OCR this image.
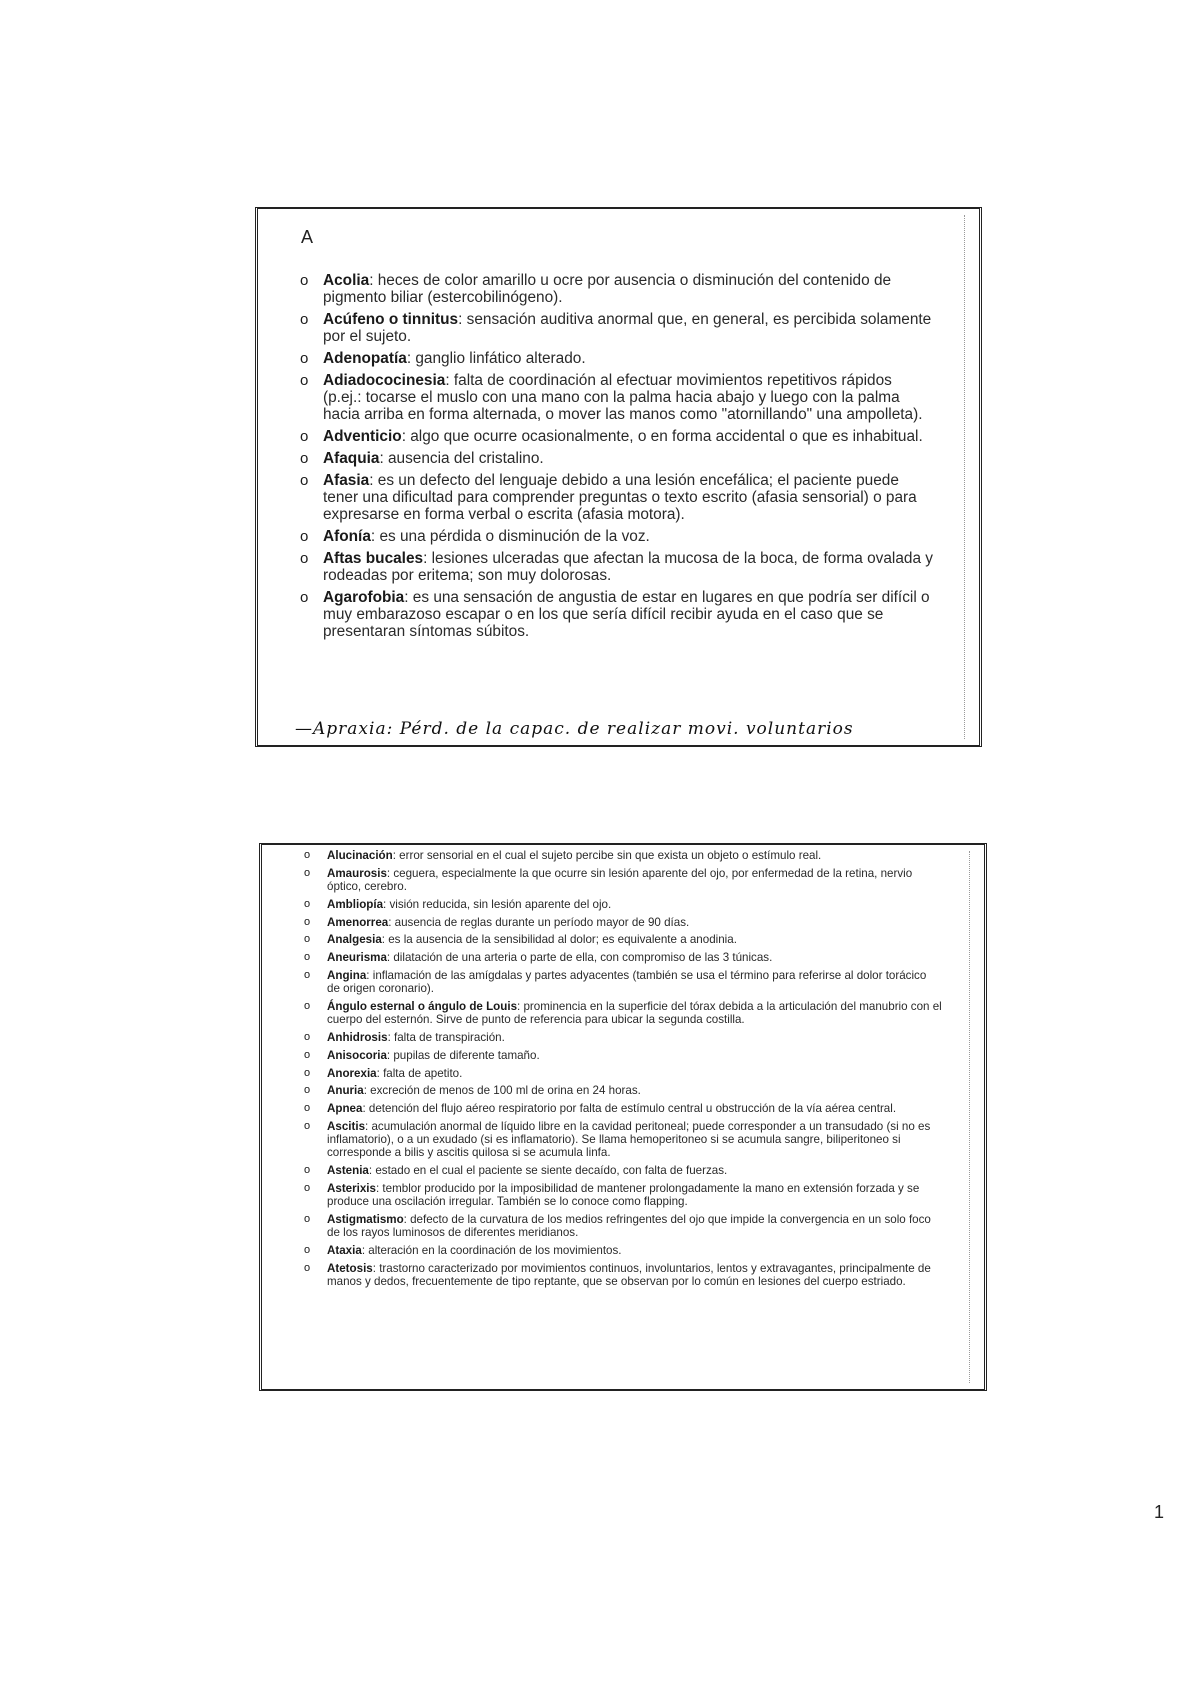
A
o Acolia: heces de color amarillo u ocre por ausencia o disminución del contenido de pigmento biliar (estercobilinógeno).
o Acúfeno o tinnitus: sensación auditiva anormal que, en general, es percibida solamente por el sujeto.
o Adenopatía: ganglio linfático alterado.
o Adiadococinesia: falta de coordinación al efectuar movimientos repetitivos rápidos (p.ej.: tocarse el muslo con una mano con la palma hacia abajo y luego con la palma hacia arriba en forma alternada, o mover las manos como "atornillando" una ampolleta).
o Adventicio: algo que ocurre ocasionalmente, o en forma accidental o que es inhabitual.
o Afaquia: ausencia del cristalino.
o Afasia: es un defecto del lenguaje debido a una lesión encefálica; el paciente puede tener una dificultad para comprender preguntas o texto escrito (afasia sensorial) o para expresarse en forma verbal o escrita (afasia motora).
o Afonía: es una pérdida o disminución de la voz.
o Aftas bucales: lesiones ulceradas que afectan la mucosa de la boca, de forma ovalada y rodeadas por eritema; son muy dolorosas.
o Agarofobia: es una sensación de angustia de estar en lugares en que podría ser difícil o muy embarazoso escapar o en los que sería difícil recibir ayuda en el caso que se presentaran síntomas súbitos.
—Apraxia: Pérd. de la capac. de realizar movi. voluntarios
o Alucinación: error sensorial en el cual el sujeto percibe sin que exista un objeto o estímulo real.
o Amaurosis: ceguera, especialmente la que ocurre sin lesión aparente del ojo, por enfermedad de la retina, nervio óptico, cerebro.
o Ambliopía: visión reducida, sin lesión aparente del ojo.
o Amenorrea: ausencia de reglas durante un período mayor de 90 días.
o Analgesia: es la ausencia de la sensibilidad al dolor; es equivalente a anodinia.
o Aneurisma: dilatación de una arteria o parte de ella, con compromiso de las 3 túnicas.
o Angina: inflamación de las amígdalas y partes adyacentes (también se usa el término para referirse al dolor torácico de origen coronario).
o Ángulo esternal o ángulo de Louis: prominencia en la superficie del tórax debida a la articulación del manubrio con el cuerpo del esternón. Sirve de punto de referencia para ubicar la segunda costilla.
o Anhidrosis: falta de transpiración.
o Anisocoria: pupilas de diferente tamaño.
o Anorexia: falta de apetito.
o Anuria: excreción de menos de 100 ml de orina en 24 horas.
o Apnea: detención del flujo aéreo respiratorio por falta de estímulo central u obstrucción de la vía aérea central.
o Ascitis: acumulación anormal de líquido libre en la cavidad peritoneal; puede corresponder a un transudado (si no es inflamatorio), o a un exudado (si es inflamatorio). Se llama hemoperitoneo si se acumula sangre, biliperitoneo si corresponde a bilis y ascitis quilosa si se acumula linfa.
o Astenia: estado en el cual el paciente se siente decaído, con falta de fuerzas.
o Asterixis: temblor producido por la imposibilidad de mantener prolongadamente la mano en extensión forzada y se produce una oscilación irregular. También se lo conoce como flapping.
o Astigmatismo: defecto de la curvatura de los medios refringentes del ojo que impide la convergencia en un solo foco de los rayos luminosos de diferentes meridianos.
o Ataxia: alteración en la coordinación de los movimientos.
o Atetosis: trastorno caracterizado por movimientos continuos, involuntarios, lentos y extravagantes, principalmente de manos y dedos, frecuentemente de tipo reptante, que se observan por lo común en lesiones del cuerpo estriado.
1
